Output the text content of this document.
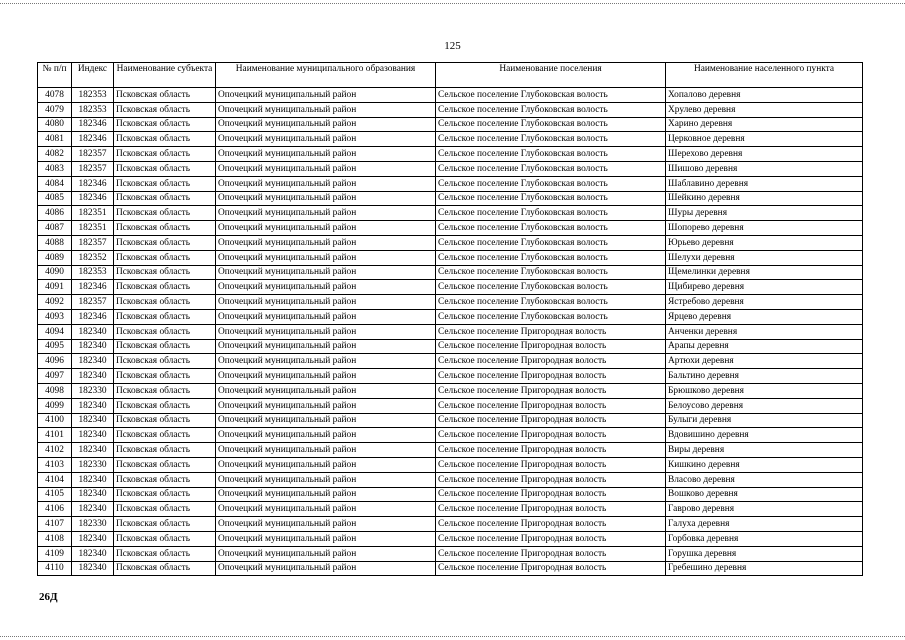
125
№ п/п	Индекс	Наименование субъекта	Наименование муниципального образования	Наименование поселения	Наименование населенного пункта
4078	182353	Псковская область	Опочецкий муниципальный район	Сельское поселение Глубоковская волость	Хопалово деревня
4079	182353	Псковская область	Опочецкий муниципальный район	Сельское поселение Глубоковская волость	Хрулево деревня
4080	182346	Псковская область	Опочецкий муниципальный район	Сельское поселение Глубоковская волость	Харино деревня
4081	182346	Псковская область	Опочецкий муниципальный район	Сельское поселение Глубоковская волость	Церковное деревня
4082	182357	Псковская область	Опочецкий муниципальный район	Сельское поселение Глубоковская волость	Шерехово деревня
4083	182357	Псковская область	Опочецкий муниципальный район	Сельское поселение Глубоковская волость	Шишово деревня
4084	182346	Псковская область	Опочецкий муниципальный район	Сельское поселение Глубоковская волость	Шаблавино деревня
4085	182346	Псковская область	Опочецкий муниципальный район	Сельское поселение Глубоковская волость	Шейкино деревня
4086	182351	Псковская область	Опочецкий муниципальный район	Сельское поселение Глубоковская волость	Шуры деревня
4087	182351	Псковская область	Опочецкий муниципальный район	Сельское поселение Глубоковская волость	Шопорево деревня
4088	182357	Псковская область	Опочецкий муниципальный район	Сельское поселение Глубоковская волость	Юрьево деревня
4089	182352	Псковская область	Опочецкий муниципальный район	Сельское поселение Глубоковская волость	Шелухи деревня
4090	182353	Псковская область	Опочецкий муниципальный район	Сельское поселение Глубоковская волость	Щемелинки деревня
4091	182346	Псковская область	Опочецкий муниципальный район	Сельское поселение Глубоковская волость	Щибирево деревня
4092	182357	Псковская область	Опочецкий муниципальный район	Сельское поселение Глубоковская волость	Ястребово деревня
4093	182346	Псковская область	Опочецкий муниципальный район	Сельское поселение Глубоковская волость	Ярцево деревня
4094	182340	Псковская область	Опочецкий муниципальный район	Сельское поселение Пригородная волость	Анченки деревня
4095	182340	Псковская область	Опочецкий муниципальный район	Сельское поселение Пригородная волость	Арапы деревня
4096	182340	Псковская область	Опочецкий муниципальный район	Сельское поселение Пригородная волость	Артюхи деревня
4097	182340	Псковская область	Опочецкий муниципальный район	Сельское поселение Пригородная волость	Бальтино деревня
4098	182330	Псковская область	Опочецкий муниципальный район	Сельское поселение Пригородная волость	Брюшково деревня
4099	182340	Псковская область	Опочецкий муниципальный район	Сельское поселение Пригородная волость	Белоусово деревня
4100	182340	Псковская область	Опочецкий муниципальный район	Сельское поселение Пригородная волость	Булыги деревня
4101	182340	Псковская область	Опочецкий муниципальный район	Сельское поселение Пригородная волость	Вдовишино деревня
4102	182340	Псковская область	Опочецкий муниципальный район	Сельское поселение Пригородная волость	Виры деревня
4103	182330	Псковская область	Опочецкий муниципальный район	Сельское поселение Пригородная волость	Кишкино деревня
4104	182340	Псковская область	Опочецкий муниципальный район	Сельское поселение Пригородная волость	Власово деревня
4105	182340	Псковская область	Опочецкий муниципальный район	Сельское поселение Пригородная волость	Вошково деревня
4106	182340	Псковская область	Опочецкий муниципальный район	Сельское поселение Пригородная волость	Гаврово деревня
4107	182330	Псковская область	Опочецкий муниципальный район	Сельское поселение Пригородная волость	Галуха деревня
4108	182340	Псковская область	Опочецкий муниципальный район	Сельское поселение Пригородная волость	Горбовка деревня
4109	182340	Псковская область	Опочецкий муниципальный район	Сельское поселение Пригородная волость	Горушка деревня
4110	182340	Псковская область	Опочецкий муниципальный район	Сельское поселение Пригородная волость	Гребешино деревня
26Д
